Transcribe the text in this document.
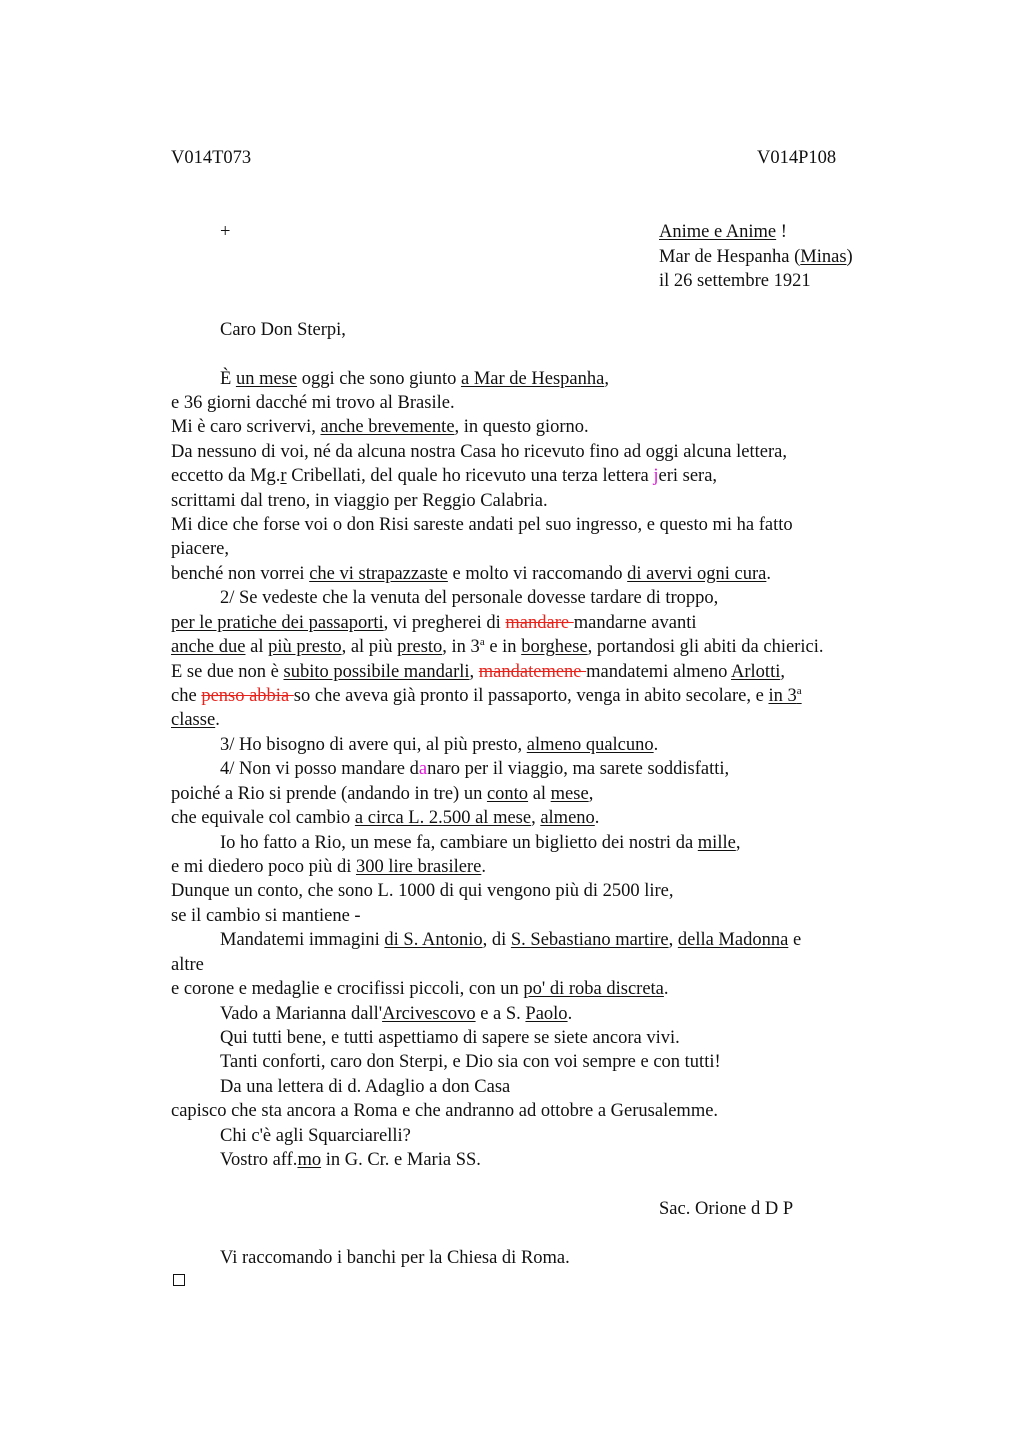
V014T073	V014P108
+	Anime e Anime !
Mar de Hespanha (Minas)
il 26 settembre 1921
Caro Don Sterpi,
È un mese oggi che sono giunto a Mar de Hespanha,
e 36 giorni dacché mi trovo al Brasile.
Mi è caro scrivervi, anche brevemente, in questo giorno.
Da nessuno di voi, né da alcuna nostra Casa ho ricevuto fino ad oggi alcuna lettera,
eccetto da Mg.r Cribellati, del quale ho ricevuto una terza lettera jeri sera,
scrittami dal treno, in viaggio per Reggio Calabria.
Mi dice che forse voi o don Risi sareste andati pel suo ingresso, e questo mi ha fatto
piacere,
benché non vorrei che vi strapazzaste e molto vi raccomando di avervi ogni cura.
2/ Se vedeste che la venuta del personale dovesse tardare di troppo,
per le pratiche dei passaporti, vi pregherei di mandare mandarne avanti
anche due al più presto, al più presto, in 3$^a$ e in borghese, portandosi gli abiti da chierici.
E se due non è subito possibile mandarli, mandatemene mandatemi almeno Arlotti,
che penso abbia so che aveva già pronto il passaporto, venga in abito secolare, e in 3$^a$
classe.
3/ Ho bisogno di avere qui, al più presto, almeno qualcuno.
4/ Non vi posso mandare danaro per il viaggio, ma sarete soddisfatti,
poiché a Rio si prende (andando in tre) un conto al mese,
che equivale col cambio a circa L. 2.500 al mese, almeno.
Io ho fatto a Rio, un mese fa, cambiare un biglietto dei nostri da mille,
e mi diedero poco più di 300 lire brasilere.
Dunque un conto, che sono L. 1000 di qui vengono più di 2500 lire,
se il cambio si mantiene -
Mandatemi immagini di S. Antonio, di S. Sebastiano martire, della Madonna e
altre
e corone e medaglie e crocifissi piccoli, con un po' di roba discreta.
Vado a Marianna dall'Arcivescovo e a S. Paolo.
Qui tutti bene, e tutti aspettiamo di sapere se siete ancora vivi.
Tanti conforti, caro don Sterpi, e Dio sia con voi sempre e con tutti!
Da una lettera di d. Adaglio a don Casa
capisco che sta ancora a Roma e che andranno ad ottobre a Gerusalemme.
Chi c'è agli Squarciarelli?
Vostro aff.mo in G. Cr. e Maria SS.
Sac. Orione d D P
Vi raccomando i banchi per la Chiesa di Roma.
